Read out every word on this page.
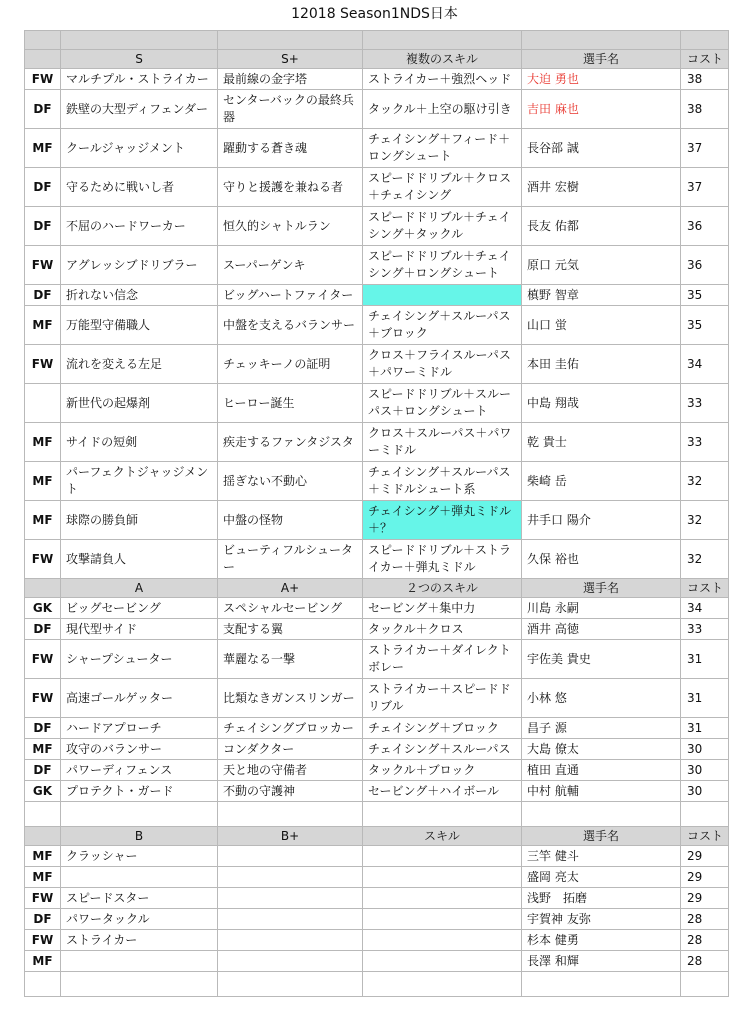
12018 Season1NDS日本

	S	S+	複数のスキル	選手名	コスト
FW	マルチプル・ストライカー	最前線の金字塔	ストライカー＋強烈ヘッド	大迫 勇也	38
DF	鉄壁の大型ディフェンダー	センターバックの最終兵器	タックル＋上空の駆け引き	吉田 麻也	38
MF	クールジャッジメント	躍動する蒼き魂	チェイシング＋フィード＋ロングシュート	長谷部 誠	37
DF	守るために戦いし者	守りと援護を兼ねる者	スピードドリブル＋クロス＋チェイシング	酒井 宏樹	37
DF	不屈のハードワーカー	恒久的シャトルラン	スピードドリブル＋チェイシング＋タックル	長友 佑都	36
FW	アグレッシブドリブラー	スーパーゲンキ	スピードドリブル＋チェイシング＋ロングシュート	原口 元気	36
DF	折れない信念	ビッグハートファイター		槙野 智章	35
MF	万能型守備職人	中盤を支えるバランサー	チェイシング＋スルーパス＋ブロック	山口 蛍	35
FW	流れを変える左足	チェッキーノの証明	クロス＋フライスルーパス＋パワーミドル	本田 圭佑	34
	新世代の起爆剤	ヒーロー誕生	スピードドリブル＋スルーパス＋ロングシュート	中島 翔哉	33
MF	サイドの短剣	疾走するファンタジスタ	クロス＋スルーパス＋パワーミドル	乾 貴士	33
MF	パーフェクトジャッジメント	揺ぎない不動心	チェイシング＋スルーパス＋ミドルシュート系	柴崎 岳	32
MF	球際の勝負師	中盤の怪物	チェイシング＋弾丸ミドル＋？	井手口 陽介	32
FW	攻撃請負人	ビューティフルシューター	スピードドリブル＋ストライカー＋弾丸ミドル	久保 裕也	32
	A	A+	２つのスキル	選手名	コスト
GK	ビッグセービング	スペシャルセービング	セービング＋集中力	川島 永嗣	34
DF	現代型サイド	支配する翼	タックル＋クロス	酒井 高徳	33
FW	シャープシューター	華麗なる一撃	ストライカー＋ダイレクトボレー	宇佐美 貴史	31
FW	高速ゴールゲッター	比類なきガンスリンガー	ストライカー＋スピードドリブル	小林 悠	31
DF	ハードアプローチ	チェイシングブロッカー	チェイシング＋ブロック	昌子 源	31
MF	攻守のバランサー	コンダクター	チェイシング＋スルーパス	大島 僚太	30
DF	パワーディフェンス	天と地の守備者	タックル＋ブロック	植田 直通	30
GK	プロテクト・ガード	不動の守護神	セービング＋ハイボール	中村 航輔	30

	B	B+	スキル	選手名	コスト
MF	クラッシャー			三竿 健斗	29
MF				盛岡 亮太	29
FW	スピードスター			浅野　拓磨	29
DF	パワータックル			宇賀神 友弥	28
FW	ストライカー			杉本 健勇	28
MF				長澤 和輝	28
